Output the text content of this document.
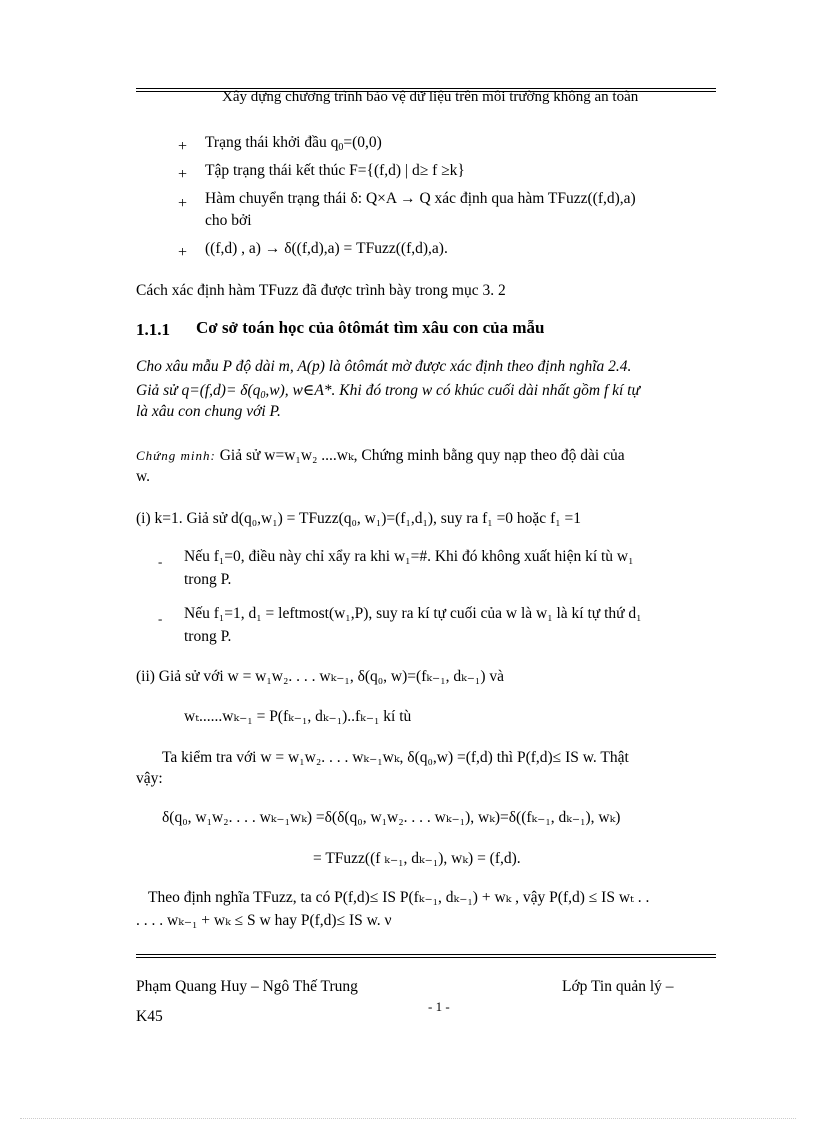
Xây dựng chương trình bảo vệ dữ liệu trên môi trường không an toàn
+ Trạng thái khởi đầu $q_0=(0,0)$
+ Tập trạng thái kết thúc F={(f,d) | d≥ f ≥k}
+ Hàm chuyển trạng thái δ: Q×A → Q xác định qua hàm TFuzz((f,d),a)
cho bởi
+ ((f,d) , a) → δ((f,d),a) = TFuzz((f,d),a).
Cách xác định hàm TFuzz đã được trình bày trong mục 3. 2
1.1.1 Cơ sở toán học của ôtômát tìm xâu con của mẫu
Cho xâu mẫu P độ dài m, A(p) là ôtômát mờ được xác định theo định nghĩa 2.4.
Giả sử $q=(f,d)= \delta(q_0,w)$, w∈A*. Khi đó trong w có khúc cuối dài nhất gồm f kí tự
là xâu con chung với P.
Chứng minh: Giả sử w=w₁w₂ ....wₖ, Chứng minh bằng quy nạp theo độ dài của
w.
(i) k=1. Giả sử d(q₀,w₁) = TFuzz(q₀, w₁)=(f₁,d₁), suy ra f₁ =0 hoặc f₁ =1
- Nếu f₁=0, điều này chỉ xẩy ra khi w₁=#. Khi đó không xuất hiện kí tù w₁
trong P.
- Nếu f₁=1, d₁ = leftmost(w₁,P), suy ra kí tự cuối của w là w₁ là kí tự thứ d₁
trong P.
(ii) Giả sử với w = w₁w₂. . . . wₖ₋₁, δ(q₀, w)=(fₖ₋₁, dₖ₋₁) và
wₜ......wₖ₋₁ = P(fₖ₋₁, dₖ₋₁)..fₖ₋₁ kí tù
Ta kiểm tra với w = w₁w₂. . . . wₖ₋₁wₖ, δ(q₀,w) =(f,d) thì P(f,d)≤ IS w. Thật
vậy:
δ(q₀, w₁w₂. . . . wₖ₋₁wₖ) =δ(δ(q₀, w₁w₂. . . . wₖ₋₁), wₖ)=δ((fₖ₋₁, dₖ₋₁), wₖ)
= TFuzz((f ₖ₋₁, dₖ₋₁), wₖ) = (f,d).
Theo định nghĩa TFuzz, ta có P(f,d)≤ IS P(fₖ₋₁, dₖ₋₁) + wₖ , vậy P(f,d) ≤ IS wₜ . .
. . . . wₖ₋₁ + wₖ ≤ S w hay P(f,d)≤ IS w. ν
Phạm Quang Huy – Ngô Thế Trung	Lớp Tin quản lý –
- 1 -
K45
